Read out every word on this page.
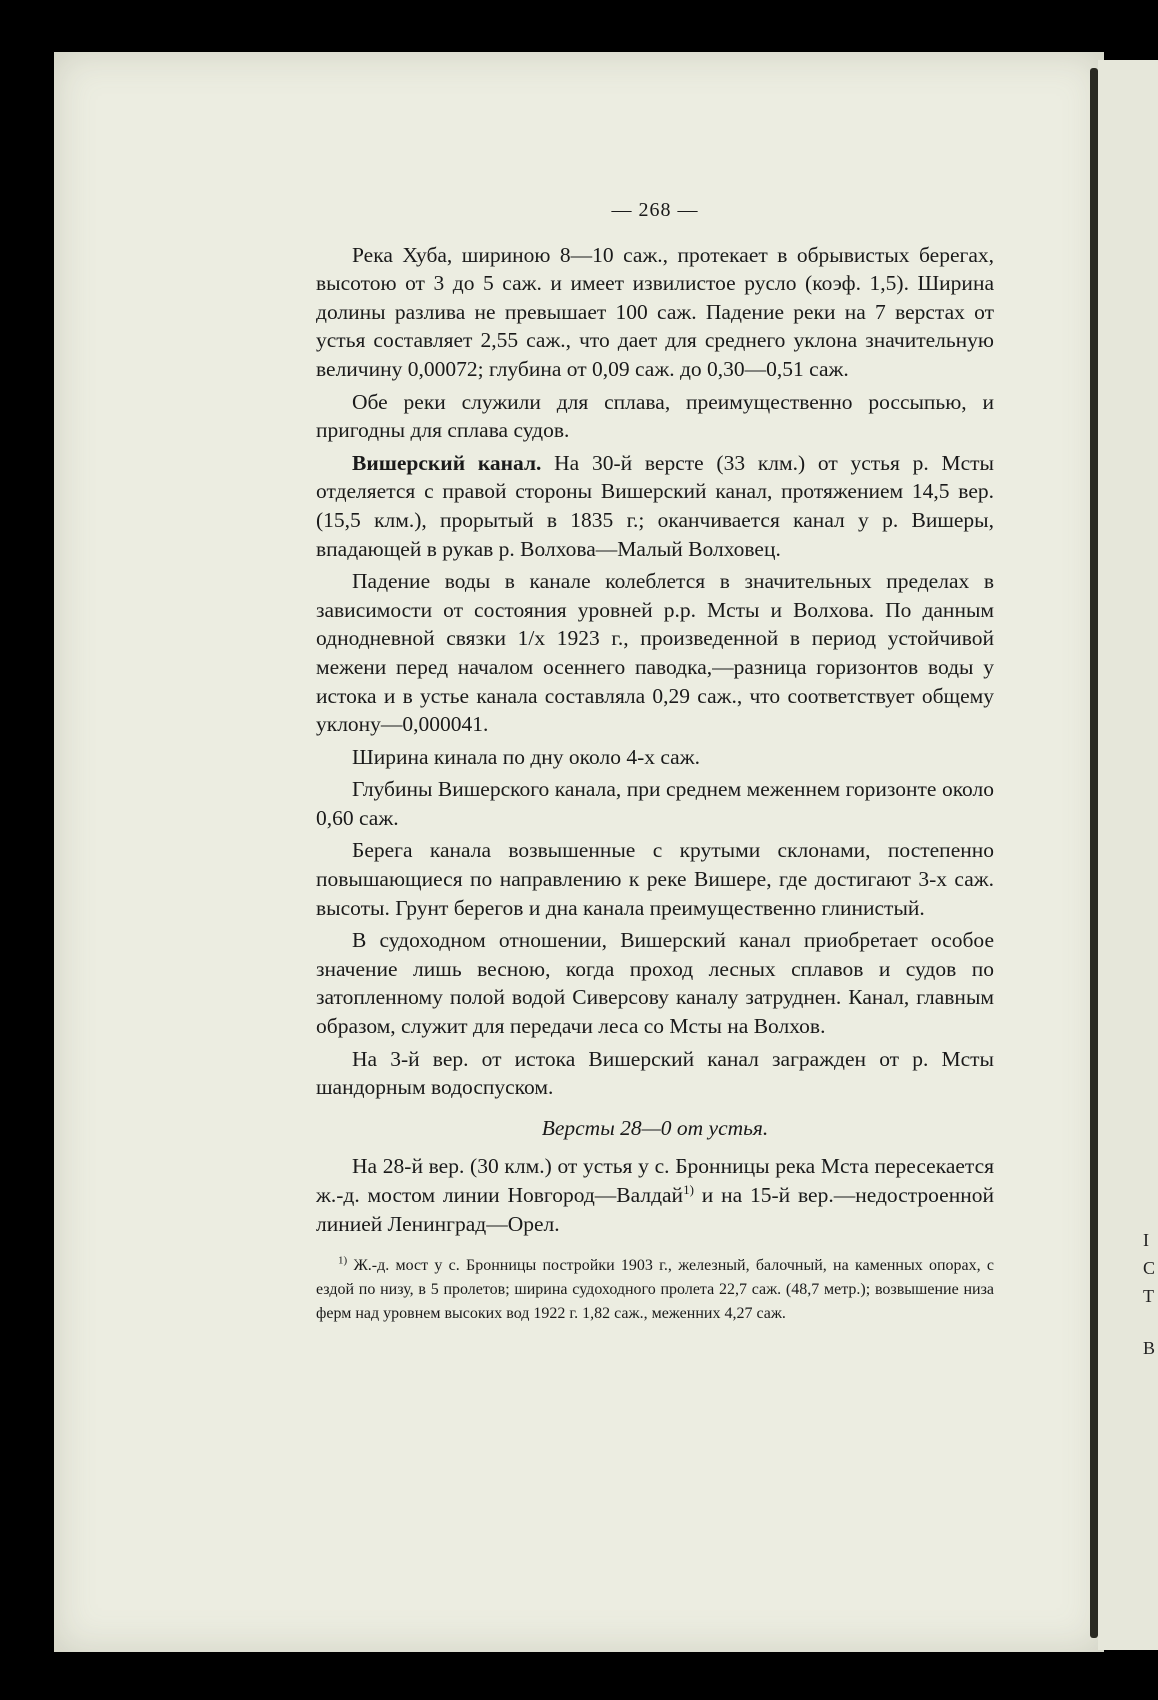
I
С
Т
В
— 268 —

Река Хуба, шириною 8—10 саж., протекает в обрывистых берегах, высотою от 3 до 5 саж. и имеет извилистое русло (коэф. 1,5). Ширина долины разлива не превышает 100 саж. Падение реки на 7 верстах от устья составляет 2,55 саж., что дает для среднего уклона значительную величину 0,00072; глубина от 0,09 саж. до 0,30—0,51 саж.

Обе реки служили для сплава, преимущественно россыпью, и пригодны для сплава судов.

Вишерский канал. На 30-й версте (33 клм.) от устья р. Мсты отделяется с правой стороны Вишерский канал, протяжением 14,5 вер. (15,5 клм.), прорытый в 1835 г.; оканчивается канал у р. Вишеры, впадающей в рукав р. Волхова—Малый Волховец.

Падение воды в канале колеблется в значительных пределах в зависимости от состояния уровней р.р. Мсты и Волхова. По данным однодневной связки 1/x 1923 г., произведенной в период устойчивой межени перед началом осеннего паводка,—разница горизонтов воды у истока и в устье канала составляла 0,29 саж., что соответствует общему уклону—0,000041.

Ширина кинала по дну около 4-х саж.

Глубины Вишерского канала, при среднем меженнем горизонте около 0,60 саж.

Берега канала возвышенные с крутыми склонами, постепенно повышающиеся по направлению к реке Вишере, где достигают 3-х саж. высоты. Грунт берегов и дна канала преимущественно глинистый.

В судоходном отношении, Вишерский канал приобретает особое значение лишь весною, когда проход лесных сплавов и судов по затопленному полой водой Сиверсову каналу затруднен. Канал, главным образом, служит для передачи леса со Мсты на Волхов.

На 3-й вер. от истока Вишерский канал загражден от р. Мсты шандорным водоспуском.

Версты 28—0 от устья.

На 28-й вер. (30 клм.) от устья у с. Бронницы река Мста пересекается ж.-д. мостом линии Новгород—Валдай$^{1)}$ и на 15-й вер.—недостроенной линией Ленинград—Орел.

$^{1)}$ Ж.-д. мост у с. Бронницы постройки 1903 г., железный, балочный, на каменных опорах, с ездой по низу, в 5 пролетов; ширина судоходного пролета 22,7 саж. (48,7 метр.); возвышение низа ферм над уровнем высоких вод 1922 г. 1,82 саж., меженних 4,27 саж.
